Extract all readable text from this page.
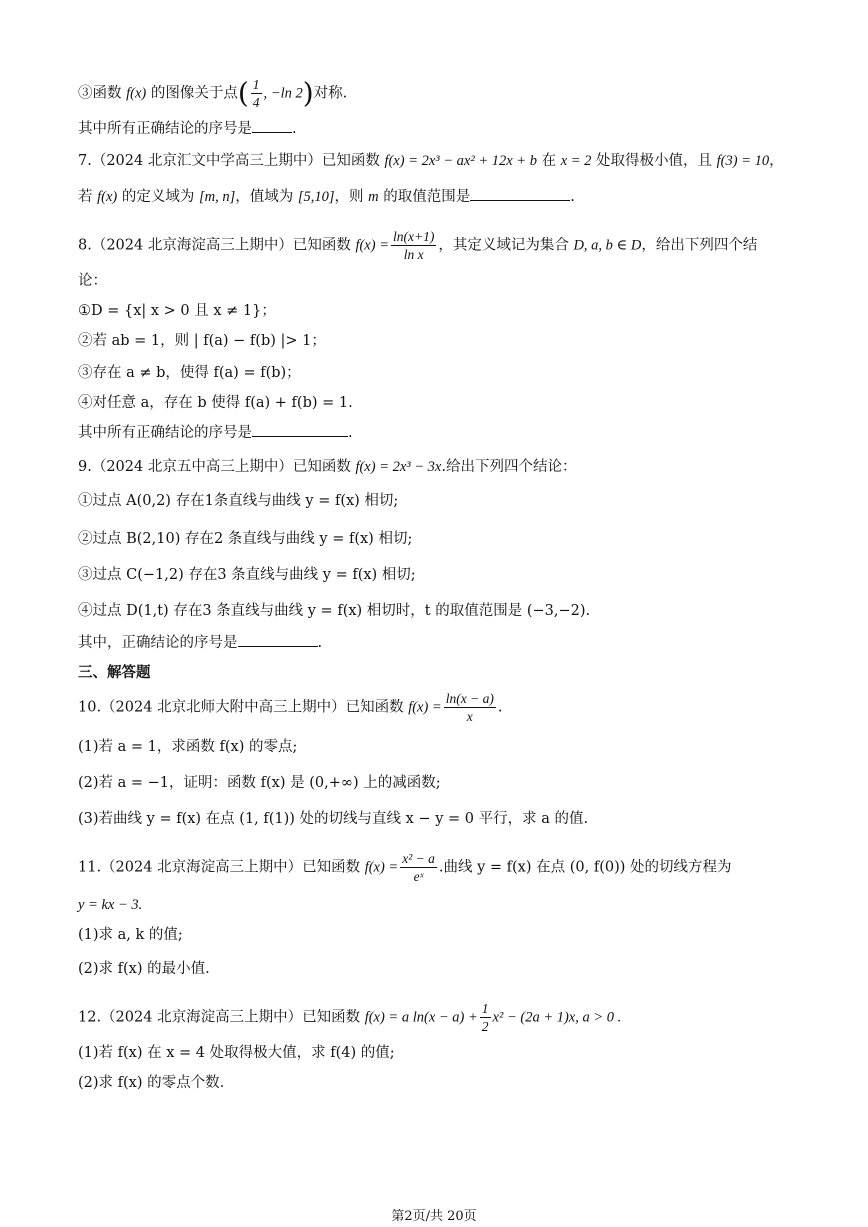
③函数 f(x) 的图像关于点( $\frac{1}{4}$ , −ln 2)对称.
其中所有正确结论的序号是	.
7.（2024 北京汇文中学高三上期中）已知函数 f(x) = 2x³ − ax² + 12x + b 在 x = 2 处取得极小值，且 f(3) = 10，
若 f(x) 的定义域为 [m, n]，值域为 [5,10]，则 m 的取值范围是	.
8.（2024 北京海淀高三上期中）已知函数 $f(x) = \frac{\ln(x+1)}{\text{ln x}}$ ，其定义域记为集合 D, a, b ∈ D，给出下列四个结
论：
①D = {x| x > 0 且 x ≠ 1}；
②若 ab = 1，则 | f(a) − f(b) |> 1；
③存在 a ≠ b，使得 f(a) = f(b)；
④对任意 a，存在 b 使得 f(a) + f(b) = 1.
其中所有正确结论的序号是	.
9.（2024 北京五中高三上期中）已知函数 f(x) = 2x³ − 3x.给出下列四个结论：
①过点 A(0,2) 存在1条直线与曲线 y = f(x) 相切;
②过点 B(2,10) 存在2 条直线与曲线 y = f(x) 相切;
③过点 C(−1,2) 存在3 条直线与曲线 y = f(x) 相切;
④过点 D(1,t) 存在3 条直线与曲线 y = f(x) 相切时，t 的取值范围是 (−3,−2).
其中，正确结论的序号是	.
三、解答题
10.（2024 北京北师大附中高三上期中）已知函数 $f(x) = \frac{\ln(x - a)}{x}$ .
(1)若 a = 1，求函数 f(x) 的零点;
(2)若 a = −1，证明：函数 f(x) 是 (0,+∞) 上的减函数;
(3)若曲线 y = f(x) 在点 (1, f(1)) 处的切线与直线 x − y = 0 平行，求 a 的值.
11.（2024 北京海淀高三上期中）已知函数 $f(x) = \frac{\text{x² − a}}{\text{eˣ}}$ .曲线 y = f(x) 在点 (0, f(0)) 处的切线方程为
y = kx − 3.
(1)求 a, k 的值;
(2)求 f(x) 的最小值.
12.（2024 北京海淀高三上期中）已知函数 f(x) = a $\ln(x - a) + \frac{1}{2} x^2 - (2a + 1)x$, a > 0 .
(1)若 f(x) 在 x = 4 处取得极大值，求 f(4) 的值;
(2)求 f(x) 的零点个数.
第2页/共 20页
